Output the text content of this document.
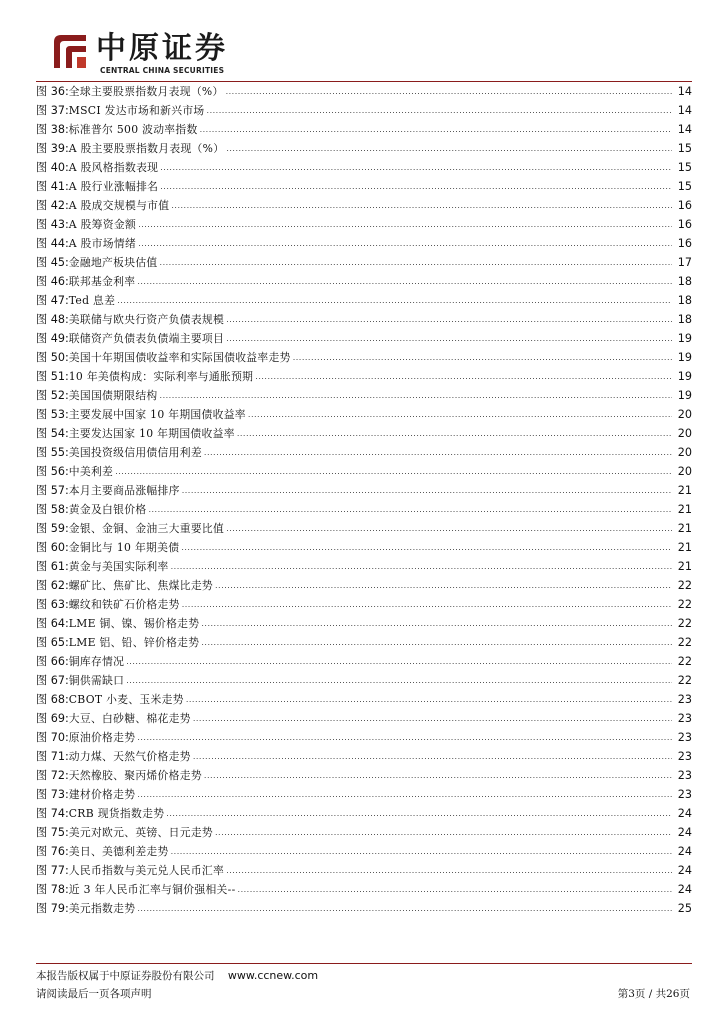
中原证券
CENTRAL CHINA SECURITIES
图 36: 全球主要股票指数月表现（%） .....	14
图 37: MSCI 发达市场和新兴市场 .....	14
图 38: 标准普尔 500 波动率指数 .....	14
图 39: A 股主要股票指数月表现（%） .....	15
图 40: A 股风格指数表现 .....	15
图 41: A 股行业涨幅排名 .....	15
图 42: A 股成交规模与市值 .....	16
图 43: A 股筹资金额 .....	16
图 44: A 股市场情绪 .....	16
图 45: 金融地产板块估值 .....	17
图 46: 联邦基金利率 .....	18
图 47: Ted 息差 .....	18
图 48: 美联储与欧央行资产负债表规模 .....	18
图 49: 联储资产负债表负债端主要项目 .....	19
图 50: 美国十年期国债收益率和实际国债收益率走势 .....	19
图 51: 10 年美债构成：实际利率与通胀预期 .....	19
图 52: 美国国债期限结构 .....	19
图 53: 主要发展中国家 10 年期国债收益率 .....	20
图 54: 主要发达国家 10 年期国债收益率 .....	20
图 55: 美国投资级信用债信用利差 .....	20
图 56: 中美利差 .....	20
图 57: 本月主要商品涨幅排序 .....	21
图 58: 黄金及白银价格 .....	21
图 59: 金银、金铜、金油三大重要比值 .....	21
图 60: 金铜比与 10 年期美债 .....	21
图 61: 黄金与美国实际利率 .....	21
图 62: 螺矿比、焦矿比、焦煤比走势 .....	22
图 63: 螺纹和铁矿石价格走势 .....	22
图 64: LME 铜、镍、锡价格走势 .....	22
图 65: LME 铝、铅、锌价格走势 .....	22
图 66: 铜库存情况 .....	22
图 67: 铜供需缺口 .....	22
图 68: CBOT 小麦、玉米走势 .....	23
图 69: 大豆、白砂糖、棉花走势 .....	23
图 70: 原油价格走势 .....	23
图 71: 动力煤、天然气价格走势 .....	23
图 72: 天然橡胶、聚丙烯价格走势 .....	23
图 73: 建材价格走势 .....	23
图 74: CRB 现货指数走势 .....	24
图 75: 美元对欧元、英镑、日元走势 .....	24
图 76: 美日、美德利差走势 .....	24
图 77: 人民币指数与美元兑人民币汇率 .....	24
图 78: 近 3 年人民币汇率与铜价强相关-- .....	24
图 79: 美元指数走势 .....	25
本报告版权属于中原证券股份有限公司 www.ccnew.com
请阅读最后一页各项声明	第3页 / 共26页
